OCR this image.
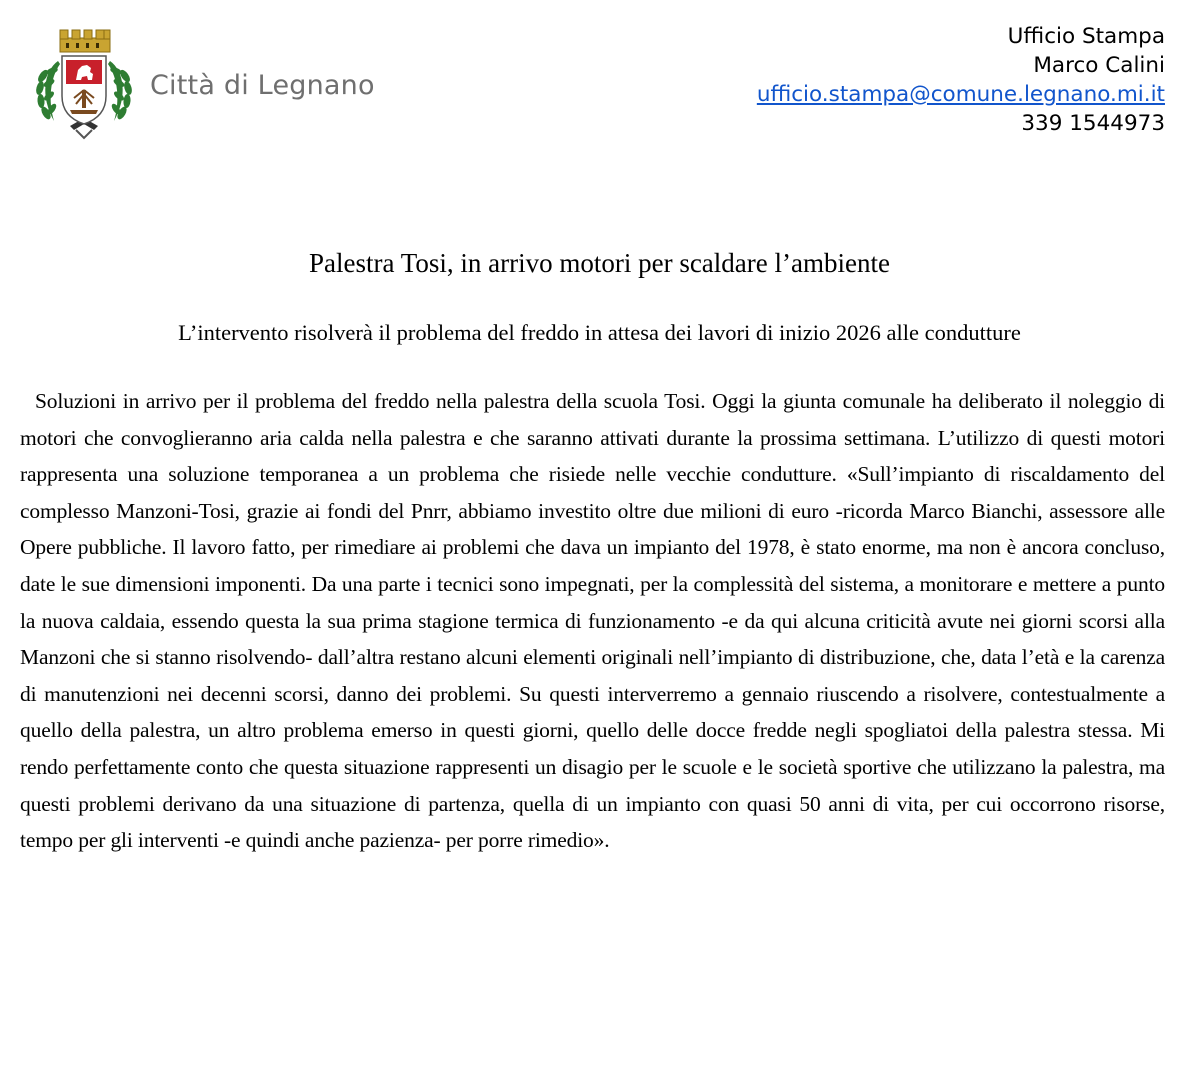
Città di Legnano
Ufficio Stampa
Marco Calini
ufficio.stampa@comune.legnano.mi.it
339 1544973
Palestra Tosi, in arrivo motori per scaldare l’ambiente
L’intervento risolverà il problema del freddo in attesa dei lavori di inizio 2026 alle condutture

Soluzioni in arrivo per il problema del freddo nella palestra della scuola Tosi. Oggi la giunta comunale ha deliberato il noleggio di motori che convoglieranno aria calda nella palestra e che saranno attivati durante la prossima settimana. L’utilizzo di questi motori rappresenta una soluzione temporanea a un problema che risiede nelle vecchie condutture. «Sull’impianto di riscaldamento del complesso Manzoni-Tosi, grazie ai fondi del Pnrr, abbiamo investito oltre due milioni di euro -ricorda Marco Bianchi, assessore alle Opere pubbliche. Il lavoro fatto, per rimediare ai problemi che dava un impianto del 1978, è stato enorme, ma non è ancora concluso, date le sue dimensioni imponenti. Da una parte i tecnici sono impegnati, per la complessità del sistema, a monitorare e mettere a punto la nuova caldaia, essendo questa la sua prima stagione termica di funzionamento -e da qui alcuna criticità avute nei giorni scorsi alla Manzoni che si stanno risolvendo- dall’altra restano alcuni elementi originali nell’impianto di distribuzione, che, data l’età e la carenza di manutenzioni nei decenni scorsi, danno dei problemi. Su questi interverremo a gennaio riuscendo a risolvere, contestualmente a quello della palestra, un altro problema emerso in questi giorni, quello delle docce fredde negli spogliatoi della palestra stessa. Mi rendo perfettamente conto che questa situazione rappresenti un disagio per le scuole e le società sportive che utilizzano la palestra, ma questi problemi derivano da una situazione di partenza, quella di un impianto con quasi 50 anni di vita, per cui occorrono risorse, tempo per gli interventi -e quindi anche pazienza- per porre rimedio».
